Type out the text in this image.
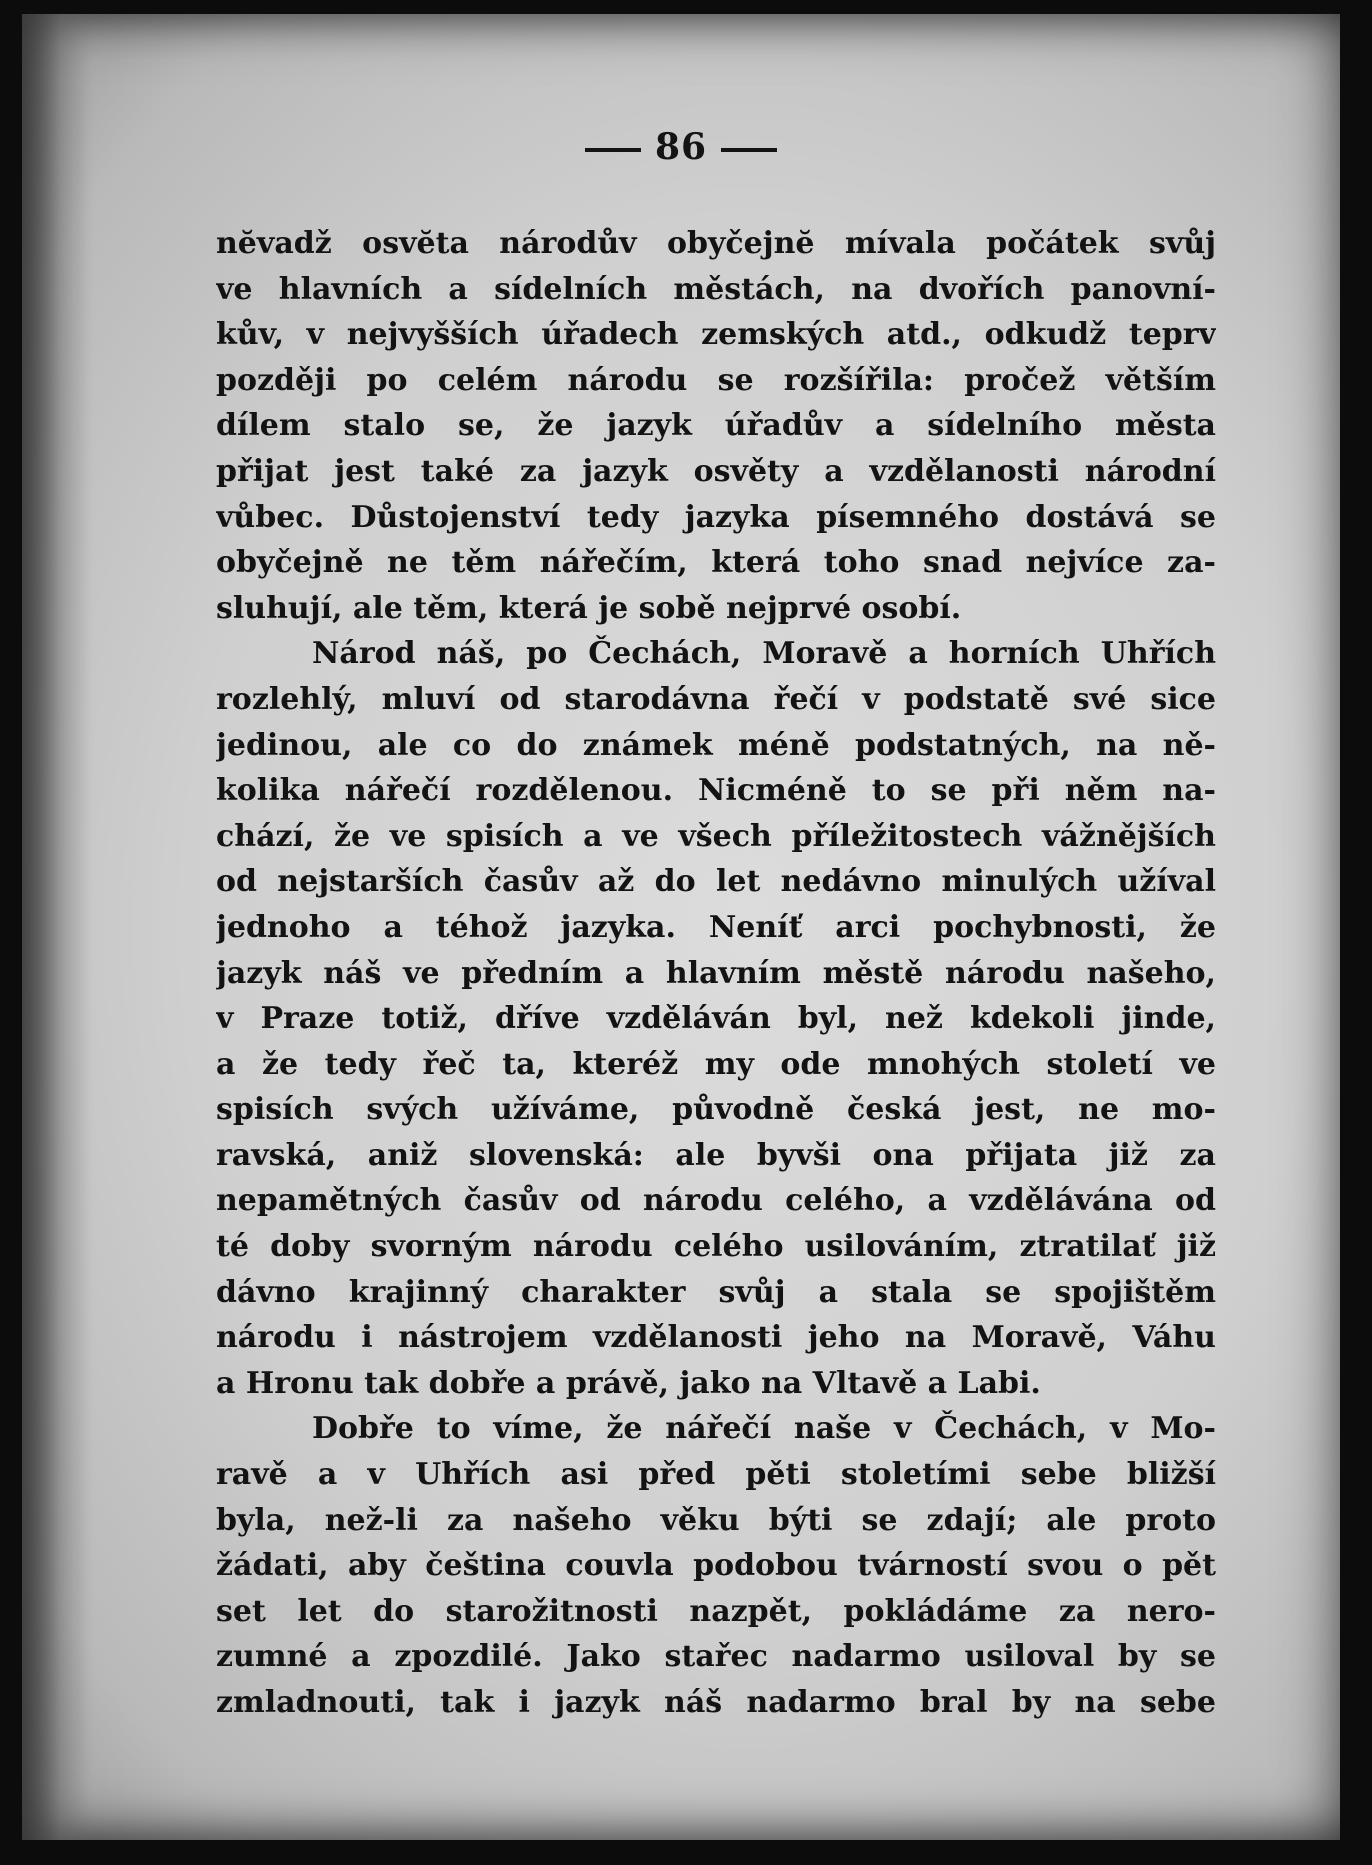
86
nĕvadž osvĕta národův obyčejnĕ mívala počátek svůj
ve hlavních a sídelních městách, na dvořích panovní-
kův, v nejvyšších úřadech zemských atd., odkudž teprv
později po celém národu se rozšířila: pročež větším
dílem stalo se, že jazyk úřadův a sídelního města
přijat jest také za jazyk osvěty a vzdělanosti národní
vůbec. Důstojenství tedy jazyka písemného dostává se
obyčejně ne těm nářečím, která toho snad nejvíce za-
sluhují, ale těm, která je sobě nejprvé osobí.
Národ náš, po Čechách, Moravě a horních Uhřích
rozlehlý, mluví od starodávna řečí v podstatě své sice
jedinou, ale co do známek méně podstatných, na ně-
kolika nářečí rozdělenou. Nicméně to se při něm na-
chází, že ve spisích a ve všech příležitostech vážnějších
od nejstarších časův až do let nedávno minulých užíval
jednoho a téhož jazyka. Neníť arci pochybnosti, že
jazyk náš ve předním a hlavním městě národu našeho,
v Praze totiž, dříve vzděláván byl, než kdekoli jinde,
a že tedy řeč ta, kteréž my ode mnohých století ve
spisích svých užíváme, původně česká jest, ne mo-
ravská, aniž slovenská: ale byvši ona přijata již za
nepamětných časův od národu celého, a vzdělávána od
té doby svorným národu celého usilováním, ztratilať již
dávno krajinný charakter svůj a stala se spojištěm
národu i nástrojem vzdělanosti jeho na Moravě, Váhu
a Hronu tak dobře a právě, jako na Vltavě a Labi.
Dobře to víme, že nářečí naše v Čechách, v Mo-
ravě a v Uhřích asi před pěti stoletími sebe bližší
byla, než-li za našeho věku býti se zdají; ale proto
žádati, aby čeština couvla podobou tvárností svou o pět
set let do starožitnosti nazpět, pokládáme za nero-
zumné a zpozdilé. Jako stařec nadarmo usiloval by se
zmladnouti, tak i jazyk náš nadarmo bral by na sebe
